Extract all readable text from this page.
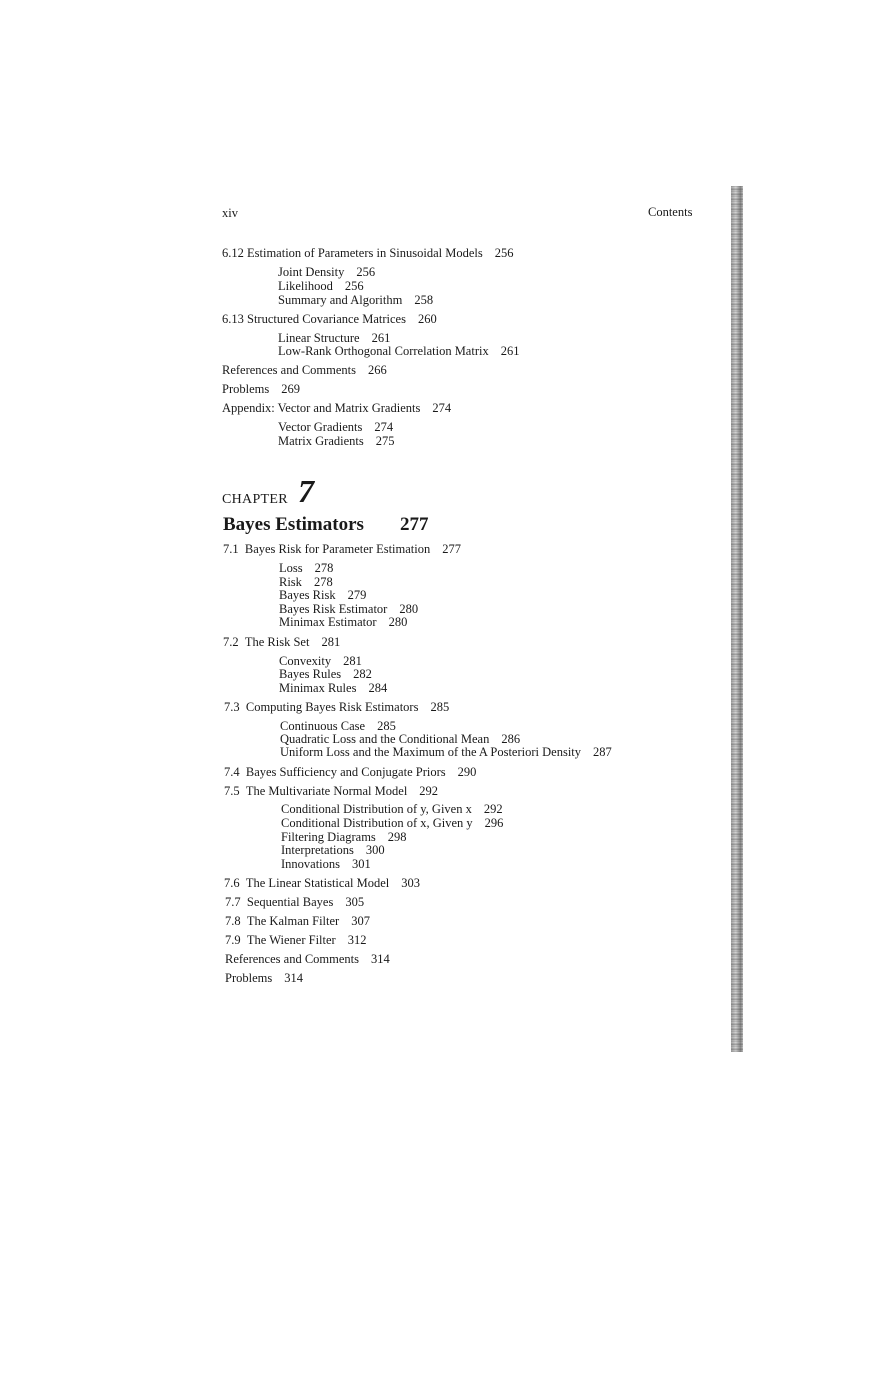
xiv	Contents
6.12 Estimation of Parameters in Sinusoidal Models 256
Joint Density 256
Likelihood 256
Summary and Algorithm 258
6.13 Structured Covariance Matrices 260
Linear Structure 261
Low-Rank Orthogonal Correlation Matrix 261
References and Comments 266
Problems 269
Appendix: Vector and Matrix Gradients 274
Vector Gradients 274
Matrix Gradients 275
CHAPTER 7
Bayes Estimators 277
7.1 Bayes Risk for Parameter Estimation 277
Loss 278
Risk 278
Bayes Risk 279
Bayes Risk Estimator 280
Minimax Estimator 280
7.2 The Risk Set 281
Convexity 281
Bayes Rules 282
Minimax Rules 284
7.3 Computing Bayes Risk Estimators 285
Continuous Case 285
Quadratic Loss and the Conditional Mean 286
Uniform Loss and the Maximum of the A Posteriori Density 287
7.4 Bayes Sufficiency and Conjugate Priors 290
7.5 The Multivariate Normal Model 292
Conditional Distribution of y, Given x 292
Conditional Distribution of x, Given y 296
Filtering Diagrams 298
Interpretations 300
Innovations 301
7.6 The Linear Statistical Model 303
7.7 Sequential Bayes 305
7.8 The Kalman Filter 307
7.9 The Wiener Filter 312
References and Comments 314
Problems 314
